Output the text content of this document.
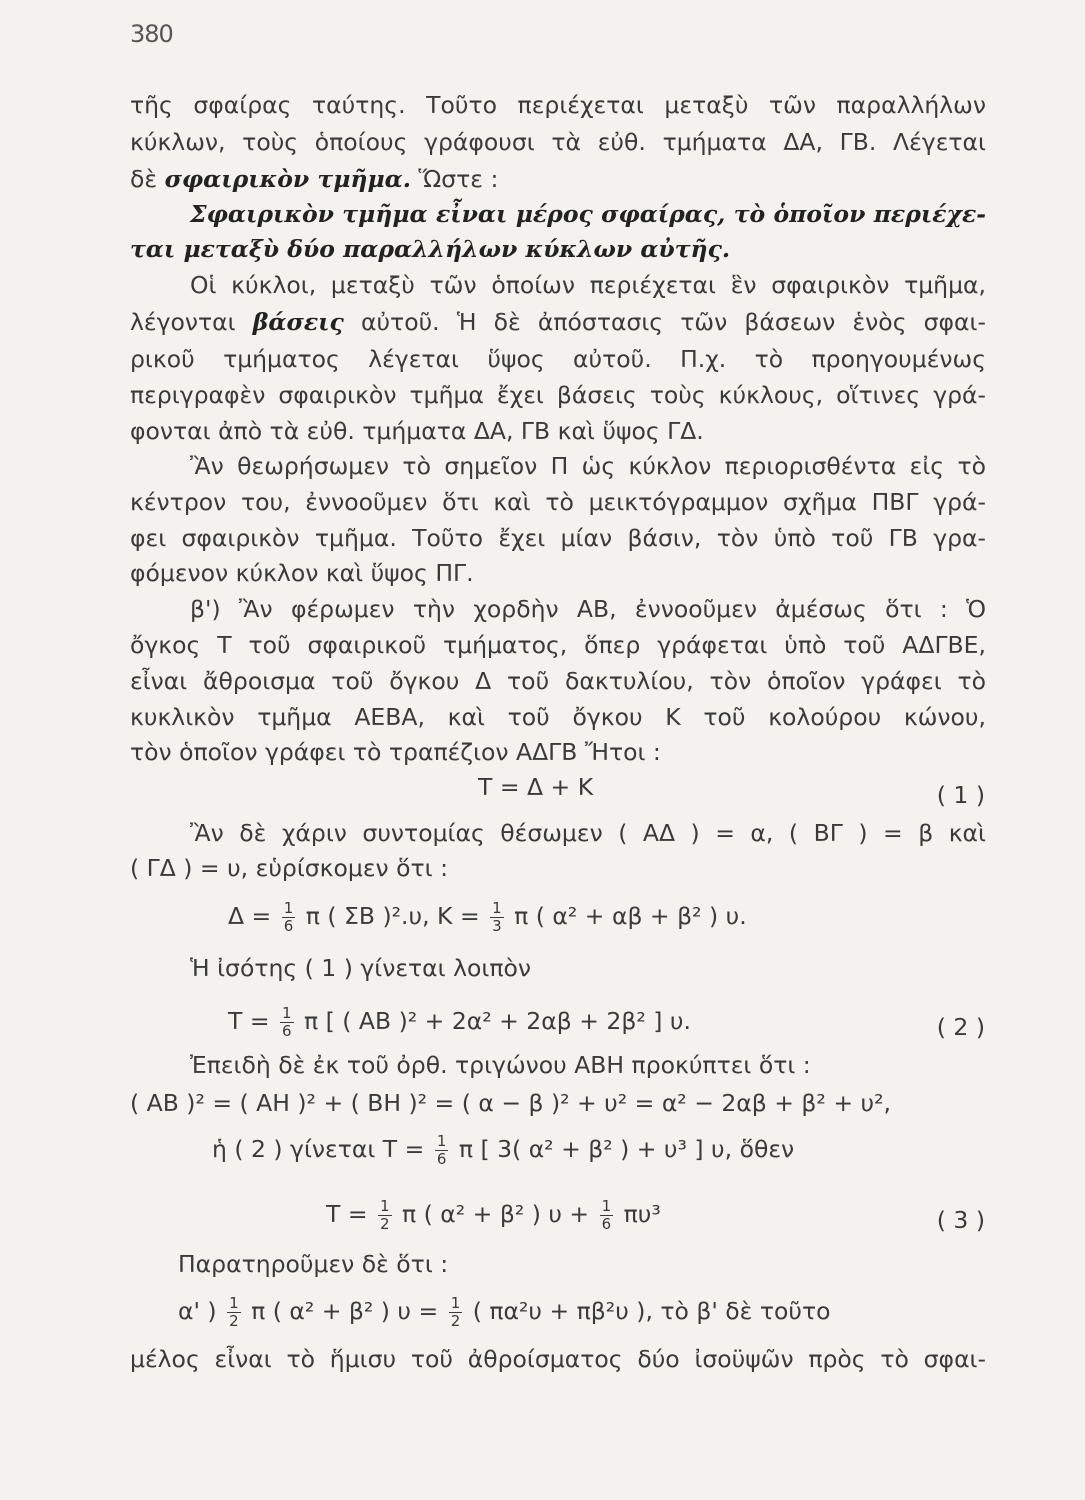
380
τῆς σφαίρας ταύτης. Τοῦτο περιέχεται μεταξὺ τῶν παραλλήλων
κύκλων, τοὺς ὁποίους γράφουσι τὰ εὐθ. τμήματα ΔΑ, ΓΒ. Λέγεται
δὲ σφαιρικὸν τμῆμα. Ὥστε :
Σφαιρικὸν τμῆμα εἶναι μέρος σφαίρας, τὸ ὁποῖον περιέχε-
ται μεταξὺ δύο παραλλήλων κύκλων αὐτῆς.
Οἱ κύκλοι, μεταξὺ τῶν ὁποίων περιέχεται ἓν σφαιρικὸν τμῆμα,
λέγονται βάσεις αὐτοῦ. Ἡ δὲ ἀπόστασις τῶν βάσεων ἑνὸς σφαι-
ρικοῦ τμήματος λέγεται ὕψος αὐτοῦ. Π.χ. τὸ προηγουμένως
περιγραφὲν σφαιρικὸν τμῆμα ἔχει βάσεις τοὺς κύκλους, οἵτινες γρά-
φονται ἀπὸ τὰ εὐθ. τμήματα ΔΑ, ΓΒ καὶ ὕψος ΓΔ.
Ἂν θεωρήσωμεν τὸ σημεῖον Π ὡς κύκλον περιορισθέντα εἰς τὸ
κέντρον του, ἐννοοῦμεν ὅτι καὶ τὸ μεικτόγραμμον σχῆμα ΠΒΓ γρά-
φει σφαιρικὸν τμῆμα. Τοῦτο ἔχει μίαν βάσιν, τὸν ὑπὸ τοῦ ΓΒ γρα-
φόμενον κύκλον καὶ ὕψος ΠΓ.
β') Ἂν φέρωμεν τὴν χορδὴν ΑΒ, ἐννοοῦμεν ἀμέσως ὅτι : Ὁ
ὄγκος Τ τοῦ σφαιρικοῦ τμήματος, ὅπερ γράφεται ὑπὸ τοῦ ΑΔΓΒΕ,
εἶναι ἄθροισμα τοῦ ὄγκου Δ τοῦ δακτυλίου, τὸν ὁποῖον γράφει τὸ
κυκλικὸν τμῆμα ΑΕΒΑ, καὶ τοῦ ὄγκου Κ τοῦ κολούρου κώνου,
τὸν ὁποῖον γράφει τὸ τραπέζιον ΑΔΓΒ Ἤτοι :
Τ = Δ + Κ	( 1 )
Ἂν δὲ χάριν συντομίας θέσωμεν ( ΑΔ ) = α, ( ΒΓ ) = β καὶ
( ΓΔ ) = υ, εὑρίσκομεν ὅτι :
$\Delta = \frac{1}{6}$ π ( ΣΒ )².υ, $K = \frac{1}{3}$ π ( α² + αβ + β² ) υ.
Ἡ ἰσότης ( 1 ) γίνεται λοιπὸν
$T = \frac{1}{6}$ π [ ( ΑΒ )² + 2α² + 2αβ + 2β² ] υ.	( 2 )
Ἐπειδὴ δὲ ἐκ τοῦ ὀρθ. τριγώνου ΑΒΗ προκύπτει ὅτι :
( ΑΒ )² = ( ΑΗ )² + ( ΒΗ )² = ( α − β )² + υ² = α² − 2αβ + β² + υ²,
ἡ ( 2 ) γίνεται $T = \frac{1}{6}$ π [ 3( α² + β² ) + υ³ ] υ, ὅθεν
$T = \frac{1}{2}$ π ( α² + β² ) $\upsilon + \frac{1}{6} \pi\upsilon^3$	( 3 )
Παρατηροῦμεν δὲ ὅτι :
α' ) $\frac{1}{2}$ π ( α² + β² ) $\upsilon = \frac{1}{2}$ ( πα²υ + πβ²υ ), τὸ β' δὲ τοῦτο
μέλος εἶναι τὸ ἥμισυ τοῦ ἀθροίσματος δύο ἰσοϋψῶν πρὸς τὸ σφαι-
